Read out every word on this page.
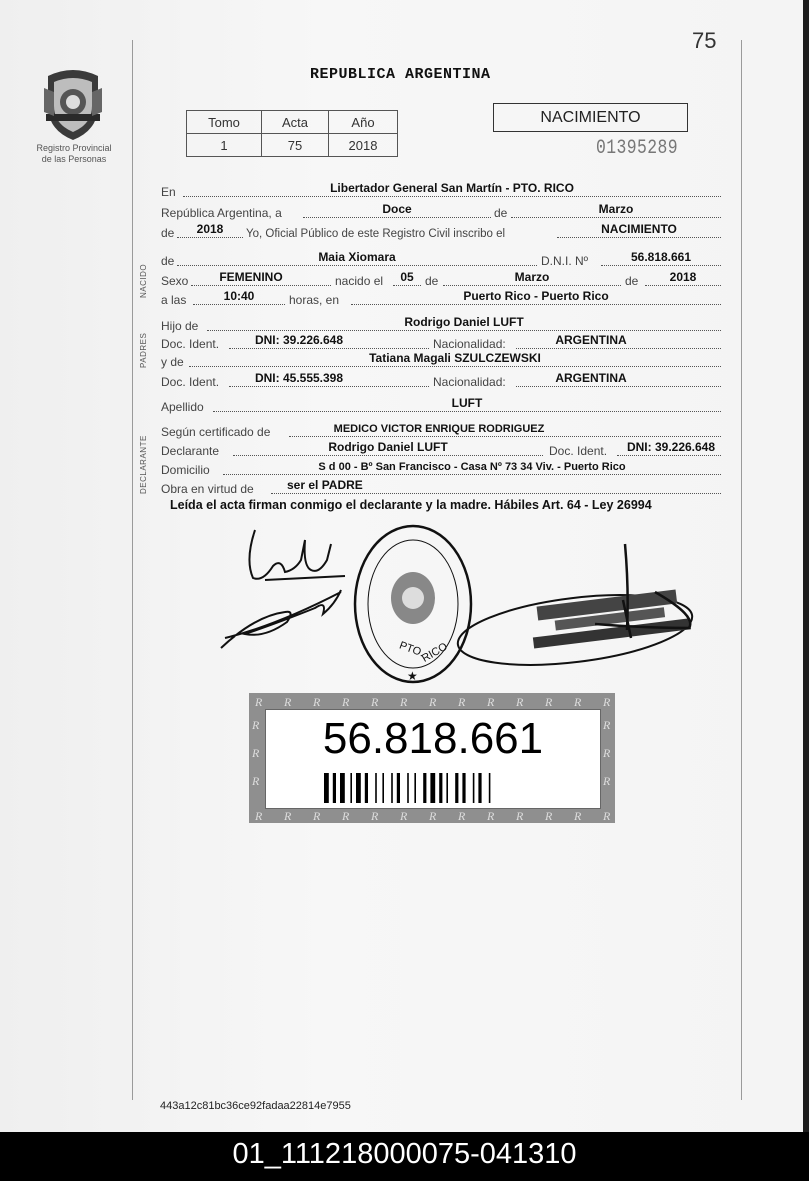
75
Registro Provincial
de las Personas
REPUBLICA ARGENTINA
Tomo	Acta	Año
1	75	2018
NACIMIENTO
01395289
NACIDO
PADRES
DECLARANTE
En	Libertador General San Martín - PTO. RICO
República Argentina, a	Doce	de	Marzo
de	2018	Yo, Oficial Público de este Registro Civil inscribo el	NACIMIENTO
de	Maia Xiomara	D.N.I. Nº	56.818.661
Sexo	FEMENINO	nacido el	05 de	Marzo	de	2018
a las	10:40	horas, en	Puerto Rico - Puerto Rico
Hijo de	Rodrigo Daniel LUFT
Doc. Ident.	DNI: 39.226.648	Nacionalidad:	ARGENTINA
y de	Tatiana Magali SZULCZEWSKI
Doc. Ident.	DNI: 45.555.398	Nacionalidad:	ARGENTINA
Apellido	LUFT
Según certificado de	MEDICO VICTOR ENRIQUE RODRIGUEZ
Declarante	Rodrigo Daniel LUFT	Doc. Ident.	DNI: 39.226.648
Domicilio	S d 00 - Bº San Francisco - Casa Nº 73 34 Viv. - Puerto Rico
Obra en virtud de	ser el PADRE
Leída el acta firman conmigo el declarante y la madre. Hábiles Art. 64 - Ley 26994
PTO.
RICO
★
R
R
R
R
R
R
R
R
R
R
R
R
R
R
R
R
R
R
R
R
R
R
R
R
R
R
R	R
R	R
R	R
56.818.661
443a12c81bc36ce92fadaa22814e7955
01_111218000075-041310
